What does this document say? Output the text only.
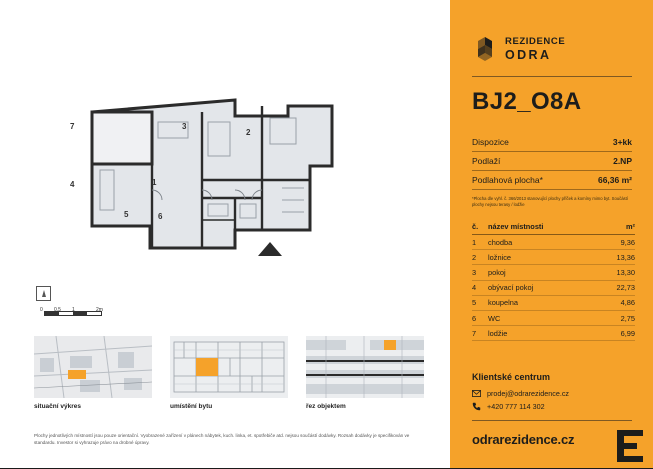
1
2
3
4
5	6
7
0 0,5 1	2m
situační výkres	umístění bytu	řez objektem
Plochy jednotlivých místností jsou pouze orientační. Vyobrazené zařízení v plánech nábytek, kuch. linka, et. spotřebiče atd. nejsou součástí dodávky. Rozsah dodávky je specifikován ve standardu. Investor si vyhrazuje právo na drobné úpravy.
REZIDENCE
ODRA
BJ2_O8A
Dispozice	3+kk
Podlaží	2.NP
Podlahová plocha*	66,36 m²
*Plocha dle vyhl. č. 366/2013 stanovující plochy příček a komíny mimo byt. Součástí plochy nejsou terasy / lodžie
č.	název místnosti	m²
1	chodba	9,36
2	ložnice	13,36
3	pokoj	13,30
4	obývací pokoj	22,73
5	koupelna	4,86
6	WC	2,75
7	lodžie	6,99
Klientské centrum
prodej@odrarezidence.cz
+420 777 114 302
odrarezidence.cz
